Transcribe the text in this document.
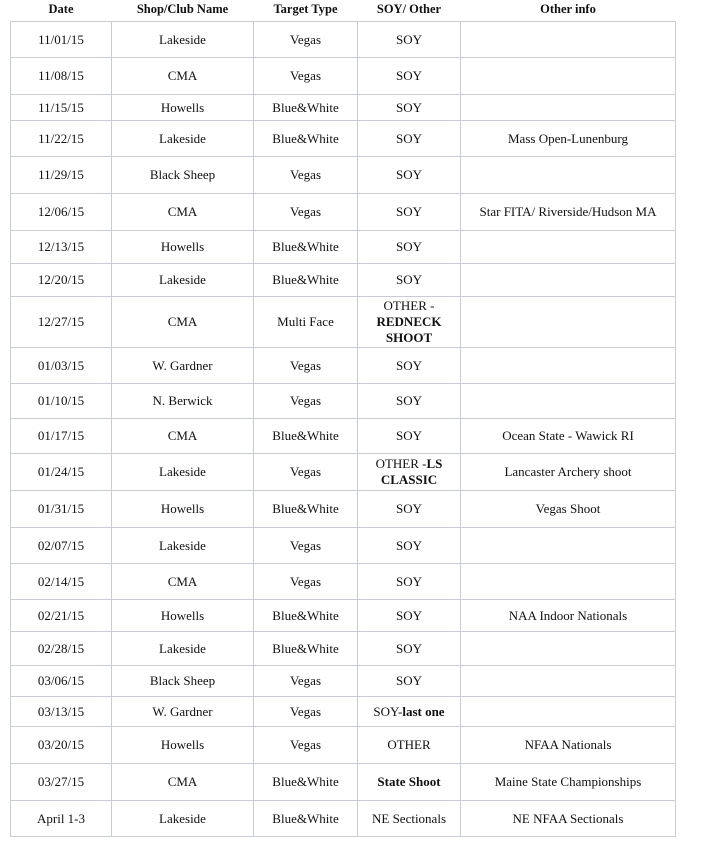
Date	Shop/Club Name	Target Type	SOY/ Other	Other info
11/01/15	Lakeside	Vegas	SOY	
11/08/15	CMA	Vegas	SOY	
11/15/15	Howells	Blue&White	SOY	
11/22/15	Lakeside	Blue&White	SOY	Mass Open-Lunenburg
11/29/15	Black Sheep	Vegas	SOY	
12/06/15	CMA	Vegas	SOY	Star FITA/ Riverside/Hudson MA
12/13/15	Howells	Blue&White	SOY	
12/20/15	Lakeside	Blue&White	SOY	
12/27/15	CMA	Multi Face	OTHER -
REDNECK SHOOT	
01/03/15	W. Gardner	Vegas	SOY	
01/10/15	N. Berwick	Vegas	SOY	
01/17/15	CMA	Blue&White	SOY	Ocean State - Wawick RI
01/24/15	Lakeside	Vegas	OTHER -LS CLASSIC	Lancaster Archery shoot
01/31/15	Howells	Blue&White	SOY	Vegas Shoot
02/07/15	Lakeside	Vegas	SOY	
02/14/15	CMA	Vegas	SOY	
02/21/15	Howells	Blue&White	SOY	NAA Indoor Nationals
02/28/15	Lakeside	Blue&White	SOY	
03/06/15	Black Sheep	Vegas	SOY	
03/13/15	W. Gardner	Vegas	SOY-last one	
03/20/15	Howells	Vegas	OTHER	NFAA Nationals
03/27/15	CMA	Blue&White	State Shoot	Maine State Championships
April 1-3	Lakeside	Blue&White	NE Sectionals	NE NFAA Sectionals
